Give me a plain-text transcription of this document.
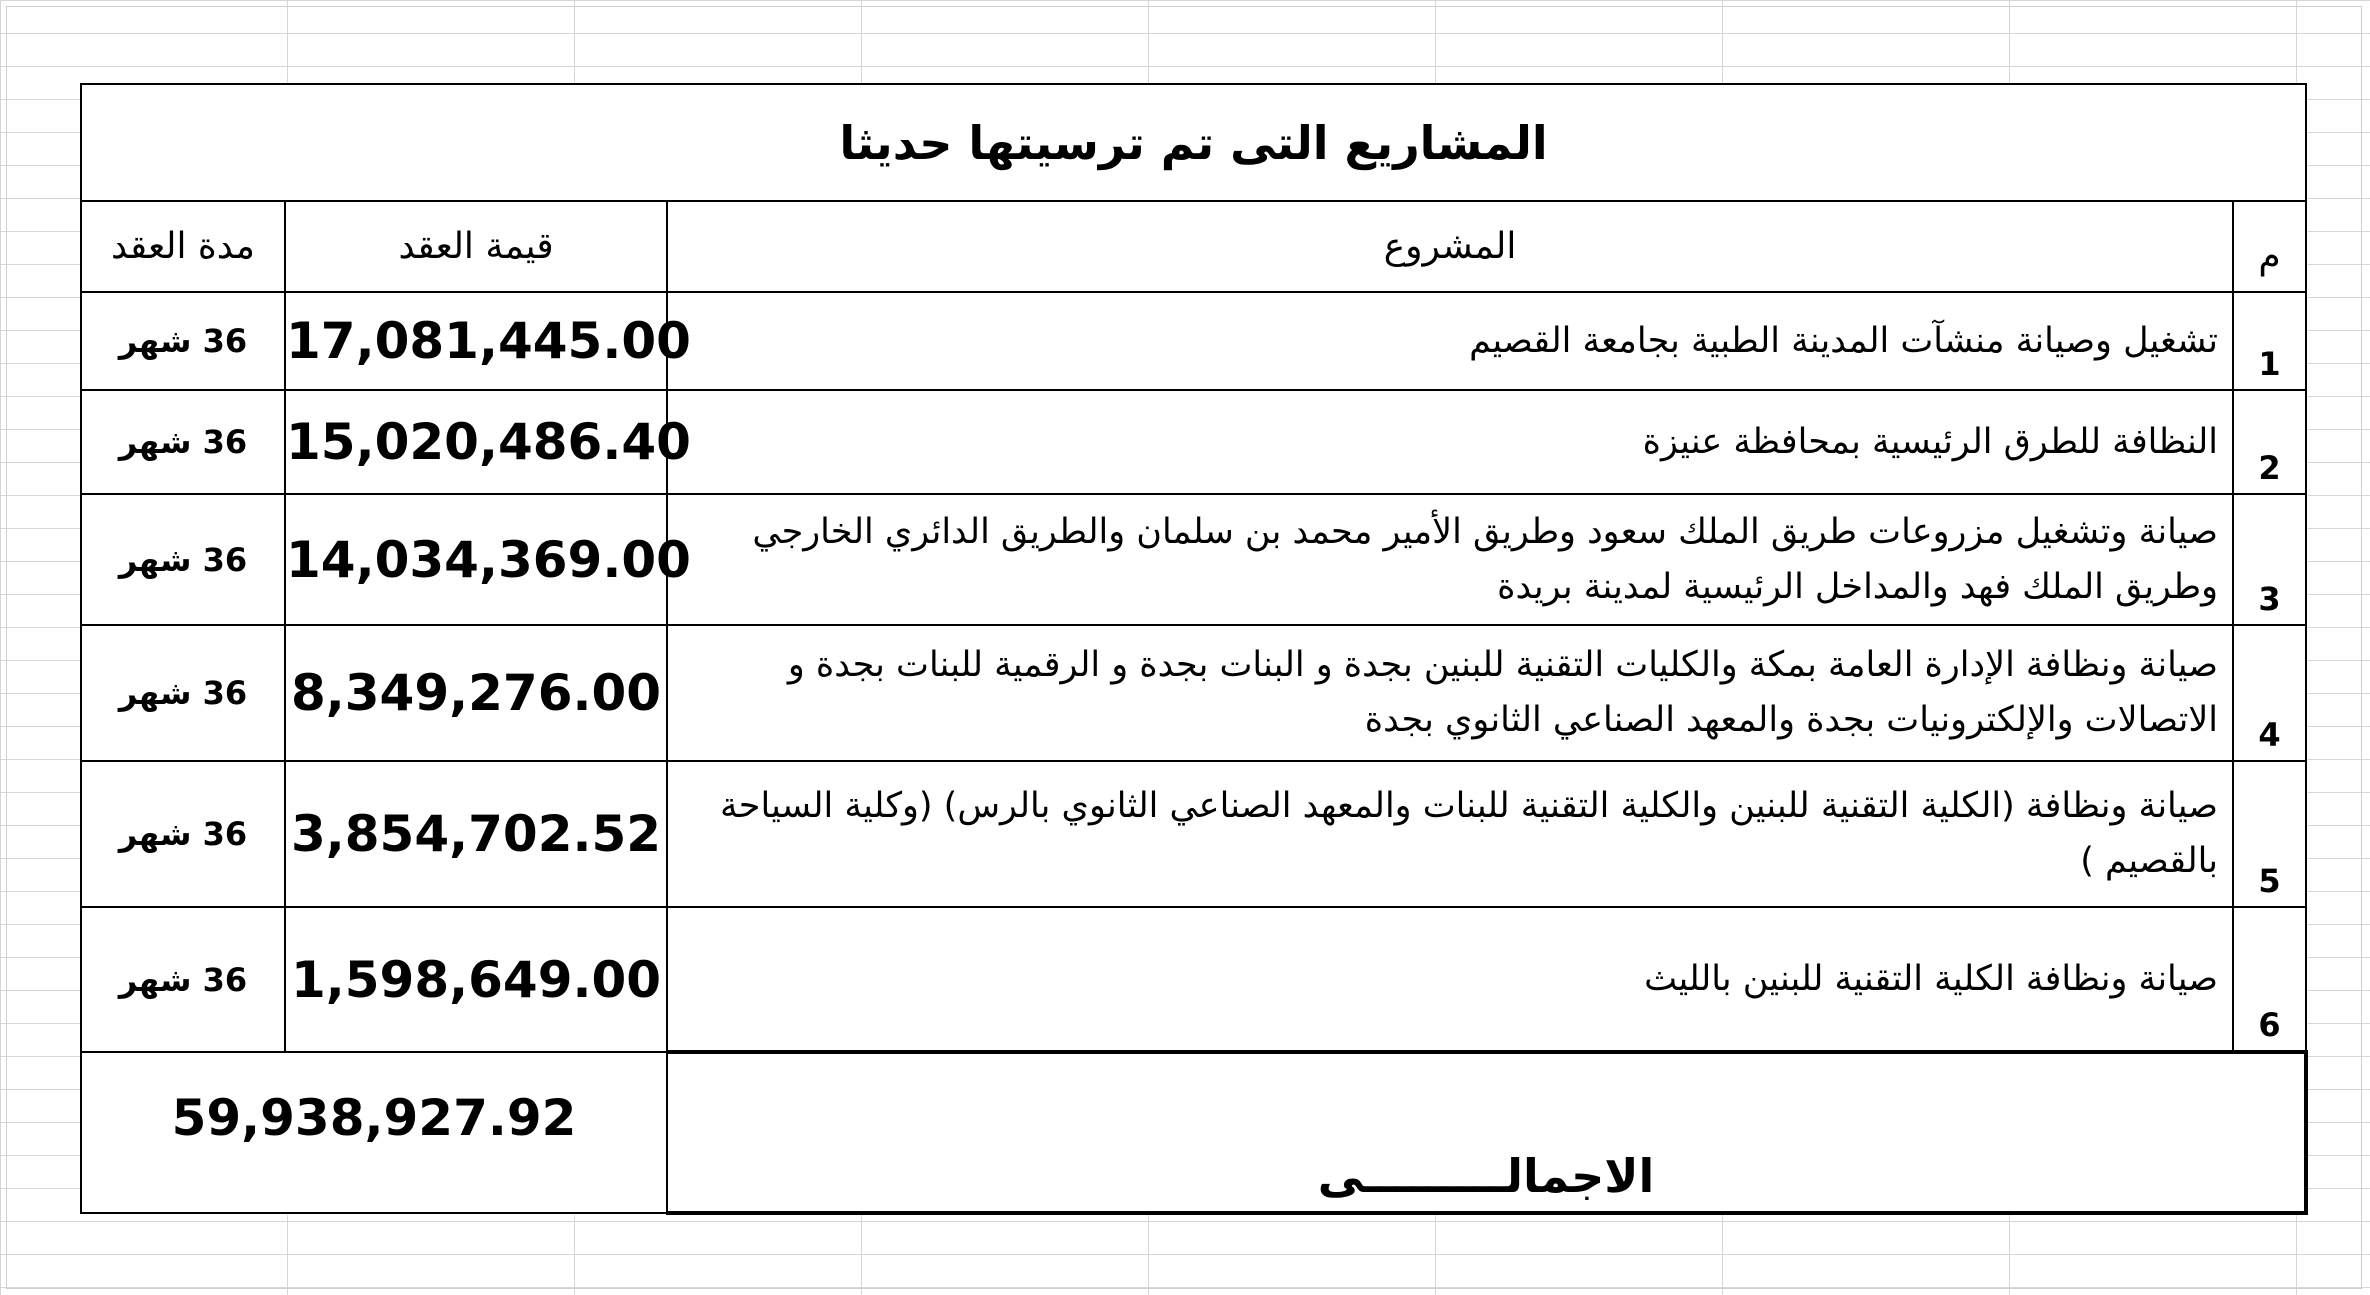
المشاريع التى تم ترسيتها حديثا			
م	المشروع	قيمة العقد	مدة العقد
1	تشغيل وصيانة منشآت المدينة الطبية بجامعة القصيم	17,081,445.00	36 شهر
2	النظافة للطرق الرئيسية بمحافظة عنيزة	15,020,486.40	36 شهر
3	صيانة وتشغيل مزروعات طريق الملك سعود وطريق الأمير محمد بن سلمان والطريق الدائري الخارجي وطريق الملك فهد والمداخل الرئيسية لمدينة بريدة	14,034,369.00	36 شهر
4	صيانة ونظافة الإدارة العامة بمكة والكليات التقنية للبنين بجدة و البنات بجدة و الرقمية للبنات بجدة و الاتصالات والإلكترونيات بجدة والمعهد الصناعي الثانوي بجدة	8,349,276.00	36 شهر
5	صيانة ونظافة (الكلية التقنية للبنين والكلية التقنية للبنات والمعهد الصناعي الثانوي بالرس) (وكلية السياحة بالقصيم )	3,854,702.52	36 شهر
6	صيانة ونظافة الكلية التقنية للبنين بالليث	1,598,649.00	36 شهر
الاجمالـــــــــى		59,938,927.92	
